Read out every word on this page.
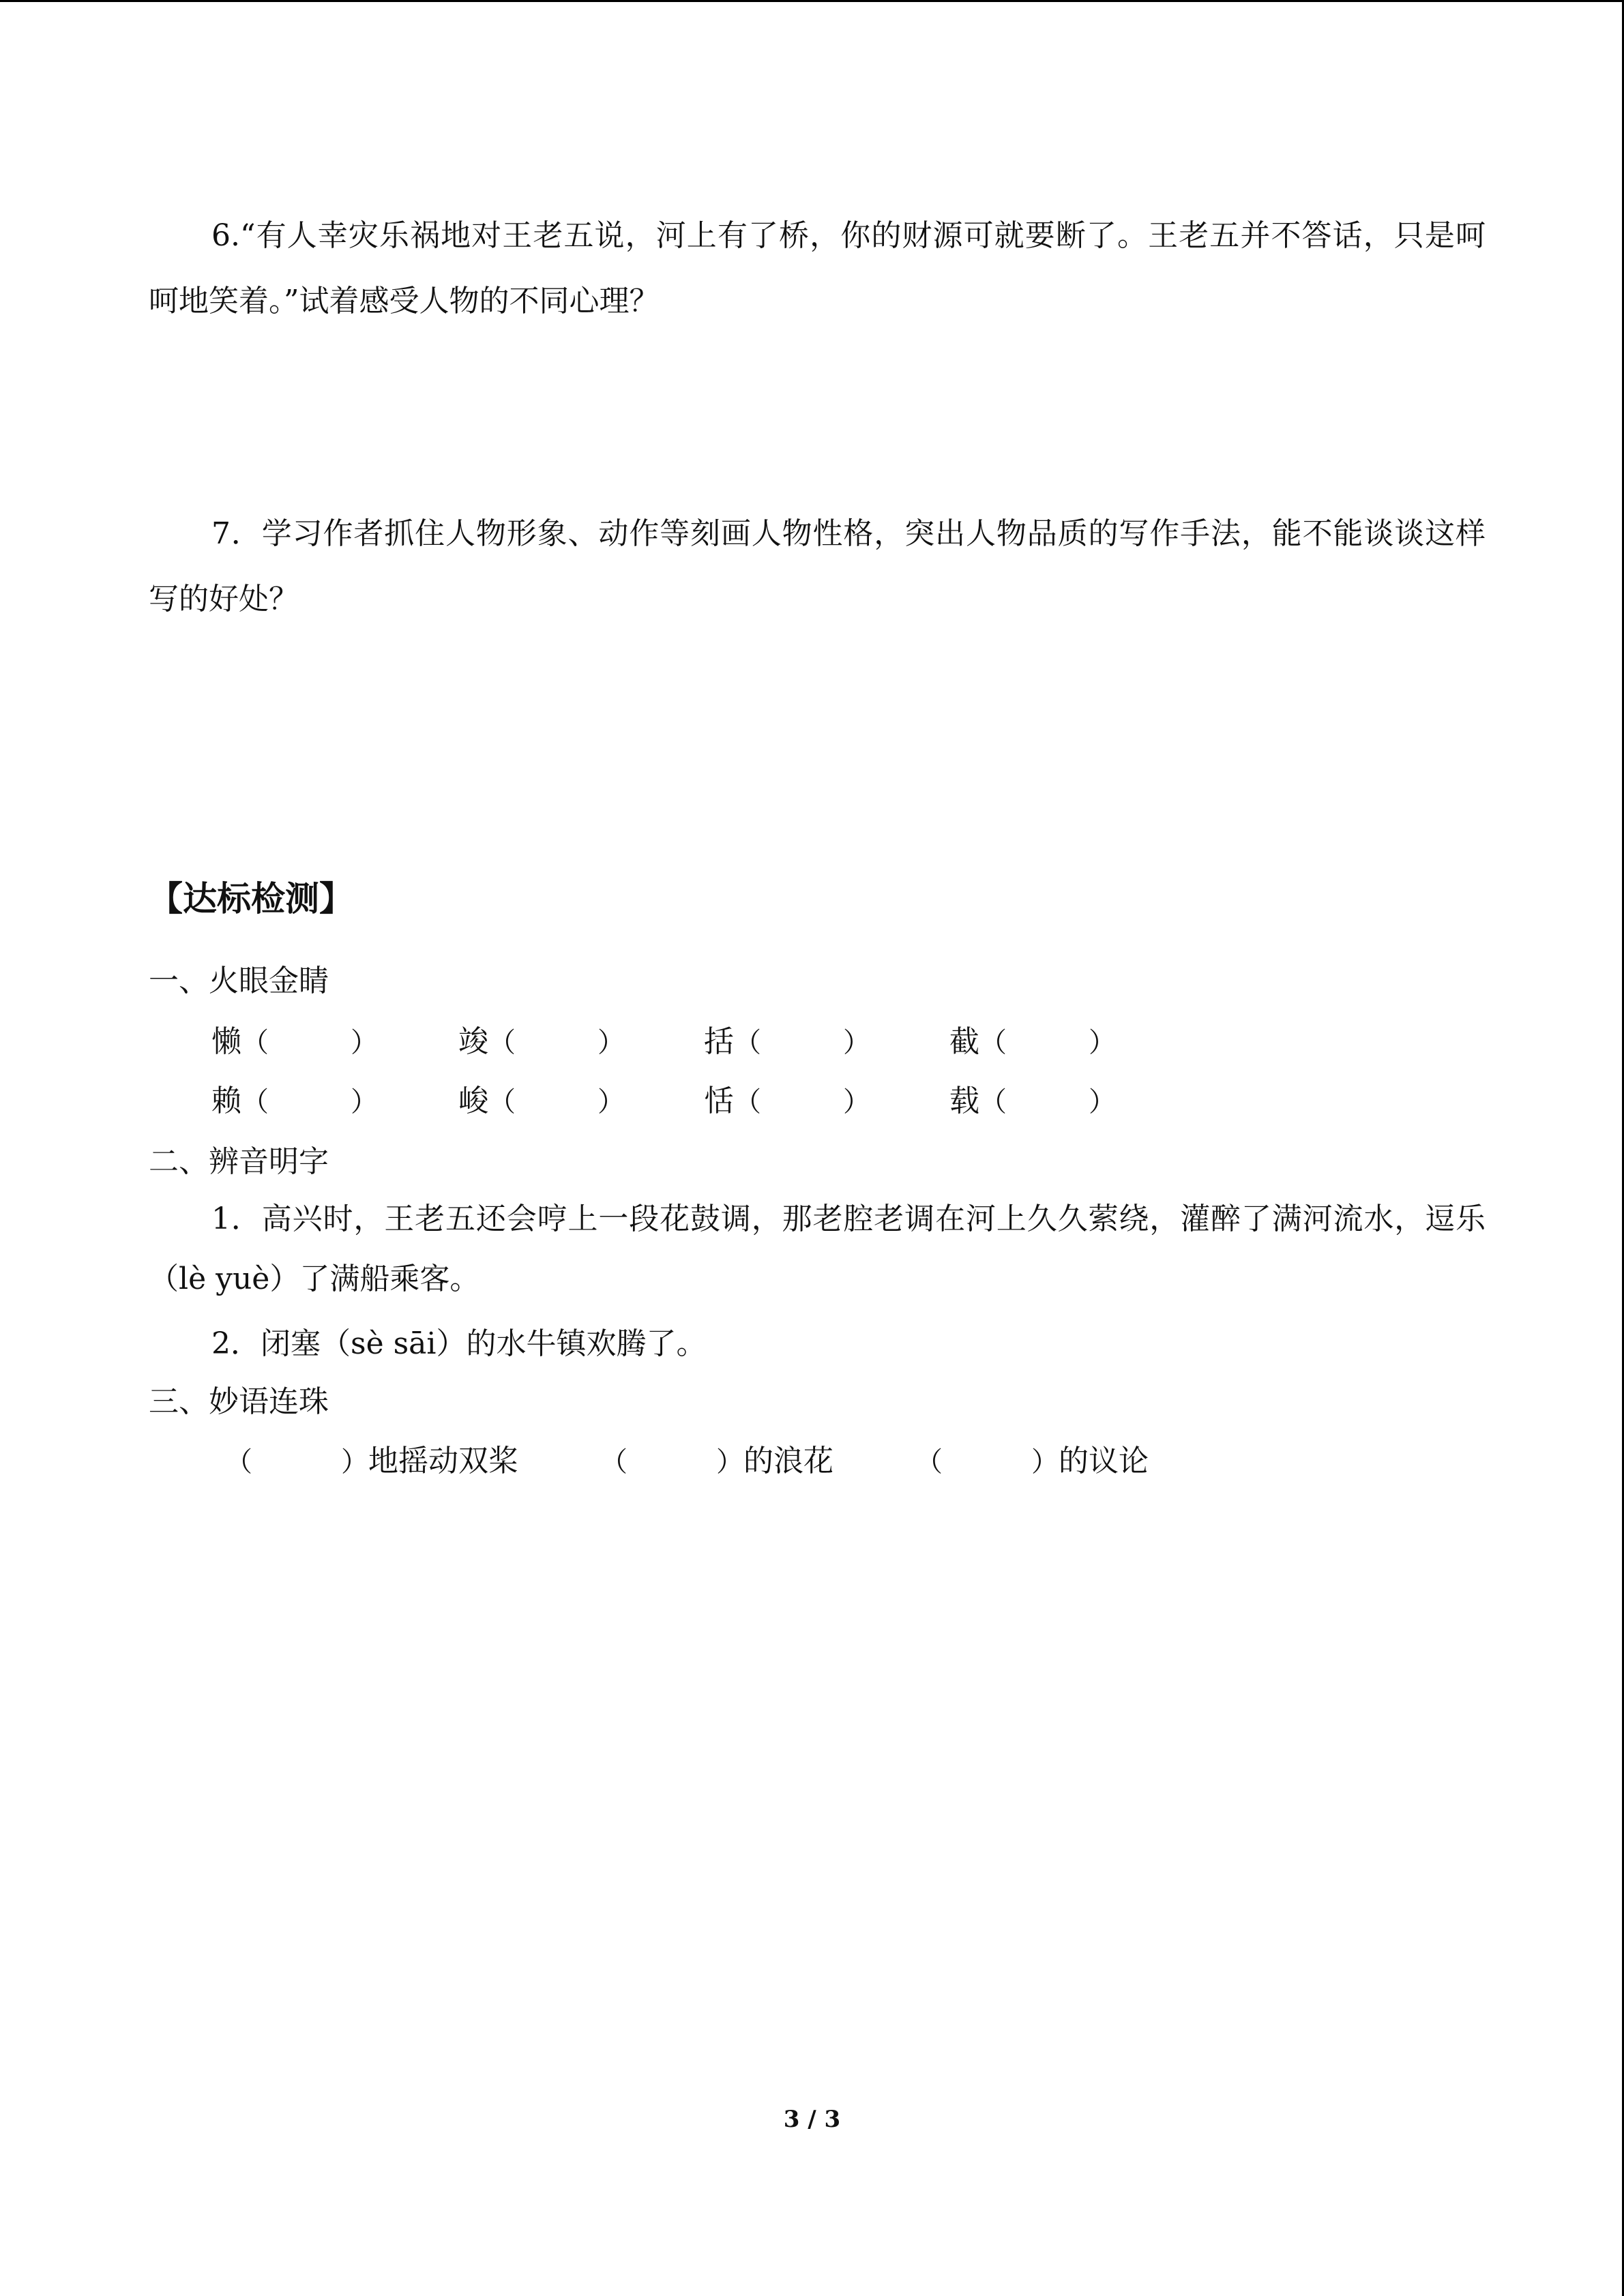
6.“有人幸灾乐祸地对王老五说，河上有了桥，你的财源可就要断了。王老五并不答话，只是呵呵地笑着。”试着感受人物的不同心理？

7．学习作者抓住人物形象、动作等刻画人物性格，突出人物品质的写作手法，能不能谈谈这样写的好处？

【达标检测】

一、火眼金睛

懒（	）	竣（	）	括（	）	截（	）
赖（	）	峻（	）	恬（	）	载（	）

二、辨音明字

1．高兴时，王老五还会哼上一段花鼓调，那老腔老调在河上久久萦绕，灌醉了满河流水，逗乐（lè yuè）了满船乘客。

2．闭塞（sè sāi）的水牛镇欢腾了。

三、妙语连珠

（	）地摇动双桨	（	）的浪花	（	）的议论
3 / 3
